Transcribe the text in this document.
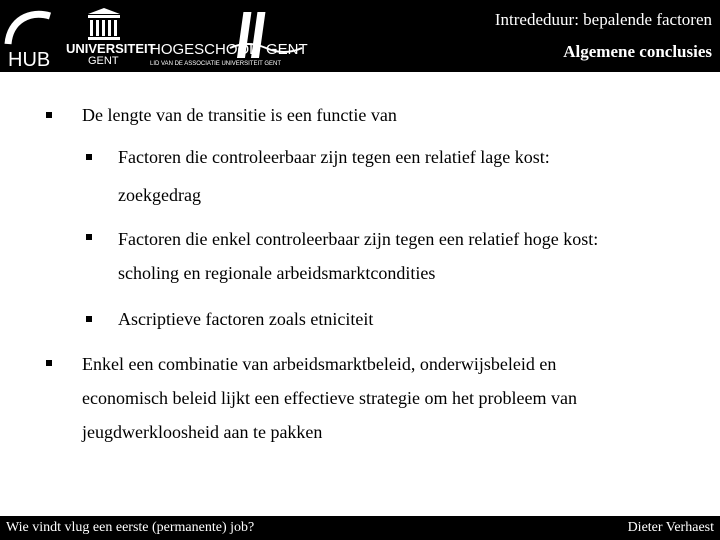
HUB
UNIVERSITEIT
GENT
HOGESCHOOL GENT
LID VAN DE ASSOCIATIE UNIVERSITEIT GENT
Intrededuur: bepalende factoren
Algemene conclusies
De lengte van de transitie is een functie van
Factoren die controleerbaar zijn tegen een relatief lage kost:
zoekgedrag
Factoren die enkel controleerbaar zijn tegen een relatief hoge kost:
scholing en regionale arbeidsmarktcondities
Ascriptieve factoren zoals etniciteit
Enkel een combinatie van arbeidsmarktbeleid, onderwijsbeleid en
economisch beleid lijkt een effectieve strategie om het probleem van
jeugdwerkloosheid aan te pakken
Wie vindt vlug een eerste (permanente) job?	Dieter Verhaest
